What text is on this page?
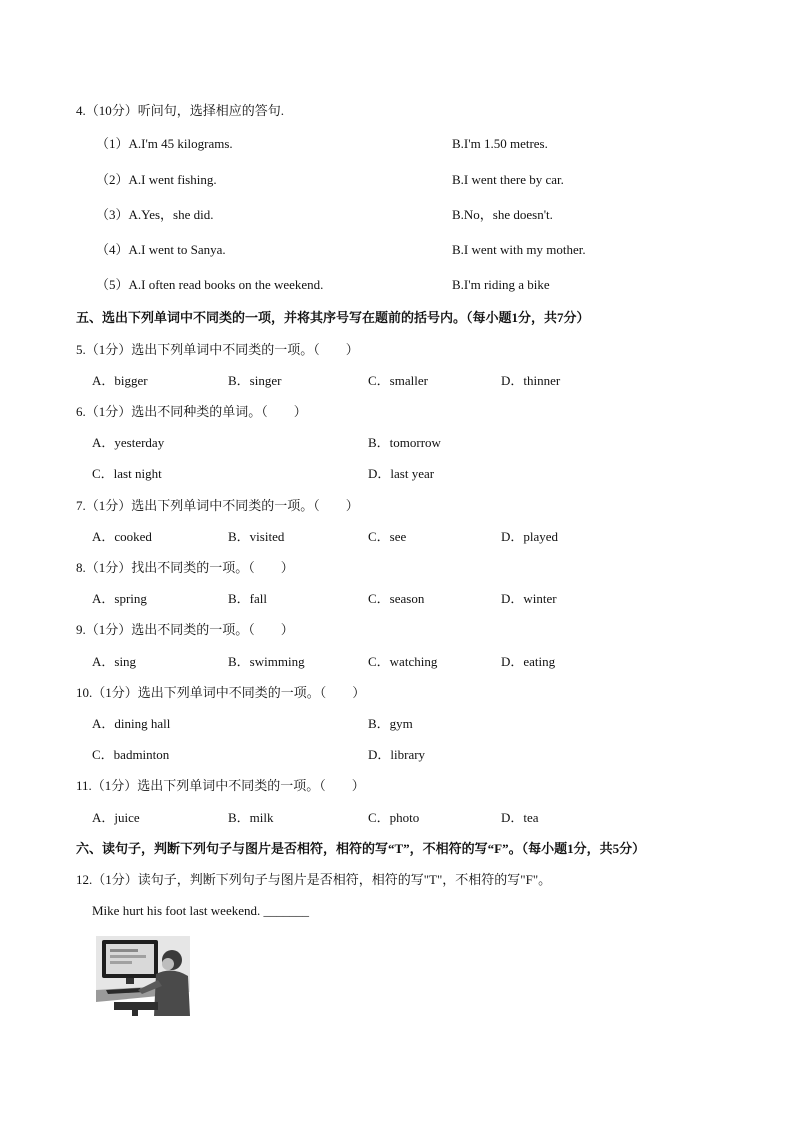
4.（10分）听问句，选择相应的答句.
（1）A.I'm 45 kilograms.	B.I'm 1.50 metres.
（2）A.I went fishing.	B.I went there by car.
（3）A.Yes，she did.	B.No，she doesn't.
（4）A.I went to Sanya.	B.I went with my mother.
（5）A.I often read books on the weekend.	B.I'm riding a bike
五、选出下列单词中不同类的一项，并将其序号写在题前的括号内。（每小题1分，共7分）
5.（1分）选出下列单词中不同类的一项。（　　）
A．bigger	B．singer	C．smaller	D．thinner
6.（1分）选出不同种类的单词。（　　）
A．yesterday	B．tomorrow
C．last night	D．last year
7.（1分）选出下列单词中不同类的一项。（　　）
A．cooked	B．visited	C．see	D．played
8.（1分）找出不同类的一项。（　　）
A．spring	B．fall	C．season	D．winter
9.（1分）选出不同类的一项。（　　）
A．sing	B．swimming	C．watching	D．eating
10.（1分）选出下列单词中不同类的一项。（　　）
A．dining hall	B．gym
C．badminton	D．library
11.（1分）选出下列单词中不同类的一项。（　　）
A．juice	B．milk	C．photo	D．tea
六、读句子，判断下列句子与图片是否相符，相符的写“T”，不相符的写“F”。（每小题1分，共5分）
12.（1分）读句子，判断下列句子与图片是否相符，相符的写"T"，不相符的写"F"。
Mike hurt his foot last weekend. _______
